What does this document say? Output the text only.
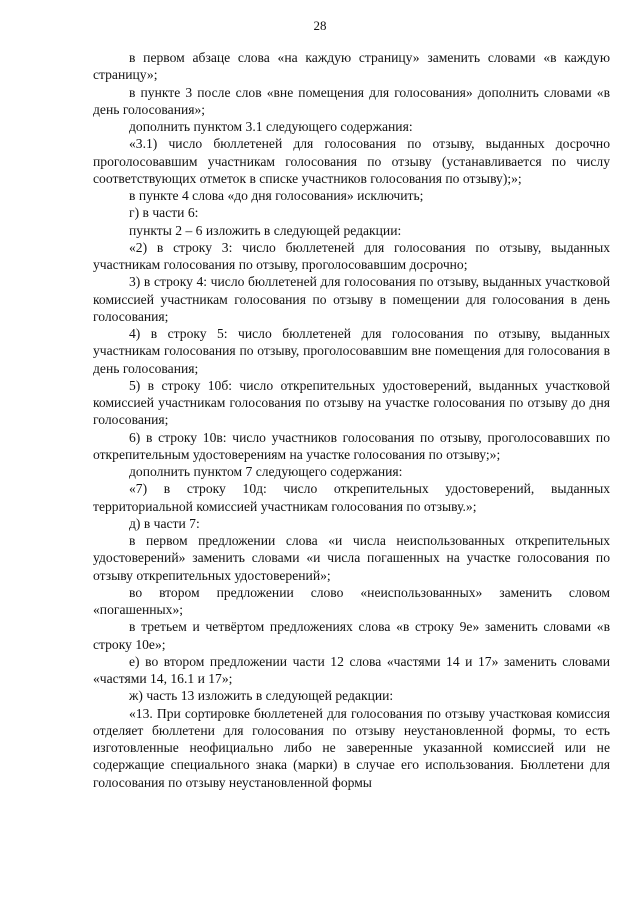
28

в первом абзаце слова «на каждую страницу» заменить словами «в каждую страницу»;

в пункте 3 после слов «вне помещения для голосования» дополнить словами «в день голосования»;

дополнить пунктом 3.1 следующего содержания:

«3.1) число бюллетеней для голосования по отзыву, выданных досрочно проголосовавшим участникам голосования по отзыву (устанавливается по числу соответствующих отметок в списке участников голосования по отзыву);»;

в пункте 4 слова «до дня голосования» исключить;

г) в части 6:

пункты 2 – 6 изложить в следующей редакции:

«2) в строку 3: число бюллетеней для голосования по отзыву, выданных участникам голосования по отзыву, проголосовавшим досрочно;

3) в строку 4: число бюллетеней для голосования по отзыву, выданных участковой комиссией участникам голосования по отзыву в помещении для голосования в день голосования;

4) в строку 5: число бюллетеней для голосования по отзыву, выданных участникам голосования по отзыву, проголосовавшим вне помещения для голосования в день голосования;

5) в строку 10б: число открепительных удостоверений, выданных участковой комиссией участникам голосования по отзыву на участке голосования по отзыву до дня голосования;

6) в строку 10в: число участников голосования по отзыву, проголосовавших по открепительным удостоверениям на участке голосования по отзыву;»;

дополнить пунктом 7 следующего содержания:

«7) в строку 10д: число открепительных удостоверений, выданных территориальной комиссией участникам голосования по отзыву.»;

д) в части 7:

в первом предложении слова «и числа неиспользованных открепительных удостоверений» заменить словами «и числа погашенных на участке голосования по отзыву открепительных удостоверений»;

во втором предложении слово «неиспользованных» заменить словом «погашенных»;

в третьем и четвёртом предложениях слова «в строку 9е» заменить словами «в строку 10е»;

е) во втором предложении части 12 слова «частями 14 и 17» заменить словами «частями 14, 16.1 и 17»;

ж) часть 13 изложить в следующей редакции:

«13. При сортировке бюллетеней для голосования по отзыву участковая комиссия отделяет бюллетени для голосования по отзыву неустановленной формы, то есть изготовленные неофициально либо не заверенные указанной комиссией или не содержащие специального знака (марки) в случае его использования. Бюллетени для голосования по отзыву неустановленной формы
